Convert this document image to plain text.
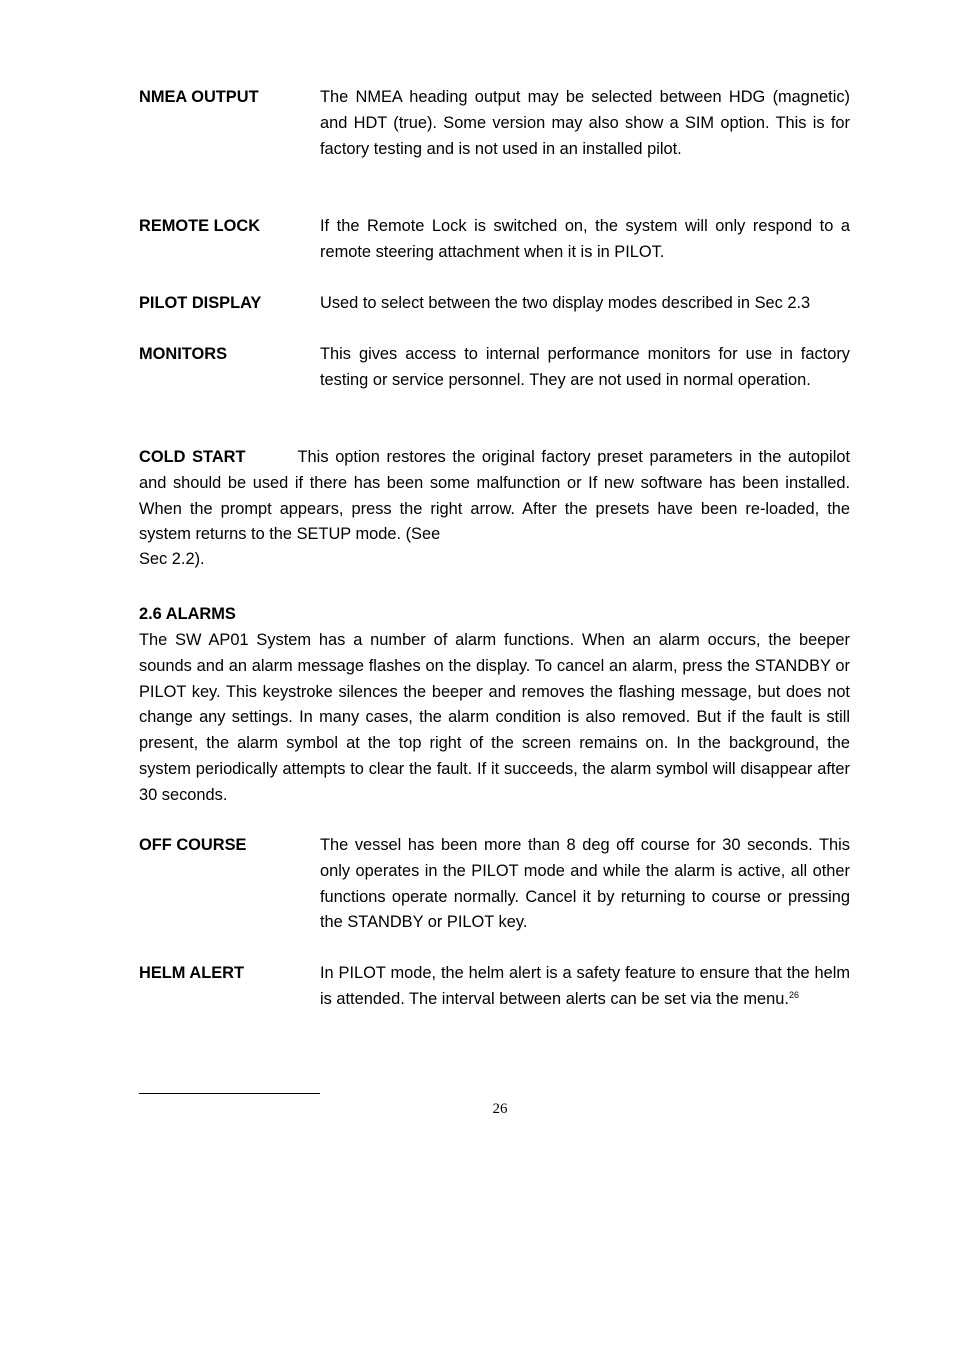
NMEA OUTPUT	The NMEA heading output may be selected between HDG (magnetic) and HDT (true). Some version may also show a SIM option. This is for factory testing and is not used in an installed pilot.
REMOTE LOCK	If the Remote Lock is switched on, the system will only respond to a remote steering attachment when it is in PILOT.
PILOT DISPLAY	Used to select between the two display modes described in Sec 2.3
MONITORS	This gives access to internal performance monitors for use in factory testing or service personnel. They are not used in normal operation.
COLD START	This option restores the original factory preset parameters in the autopilot and should be used if there has been some malfunction or If new software has been installed. When the prompt appears, press the right arrow. After the presets have been re-loaded, the system returns to the SETUP mode. (See
Sec 2.2).
2.6 ALARMS
The SW AP01 System has a number of alarm functions. When an alarm occurs, the beeper sounds and an alarm message flashes on the display. To cancel an alarm, press the STANDBY or PILOT key. This keystroke silences the beeper and removes the flashing message, but does not change any settings. In many cases, the alarm condition is also removed. But if the fault is still present, the alarm symbol at the top right of the screen remains on. In the background, the system periodically attempts to clear the fault. If it succeeds, the alarm symbol will disappear after 30 seconds.
OFF COURSE	The vessel has been more than 8 deg off course for 30 seconds. This only operates in the PILOT mode and while the alarm is active, all other functions operate normally. Cancel it by returning to course or pressing the STANDBY or PILOT key.
HELM ALERT	In PILOT mode, the helm alert is a safety feature to ensure that the helm is attended. The interval between alerts can be set via the menu.$^{26}$
26
